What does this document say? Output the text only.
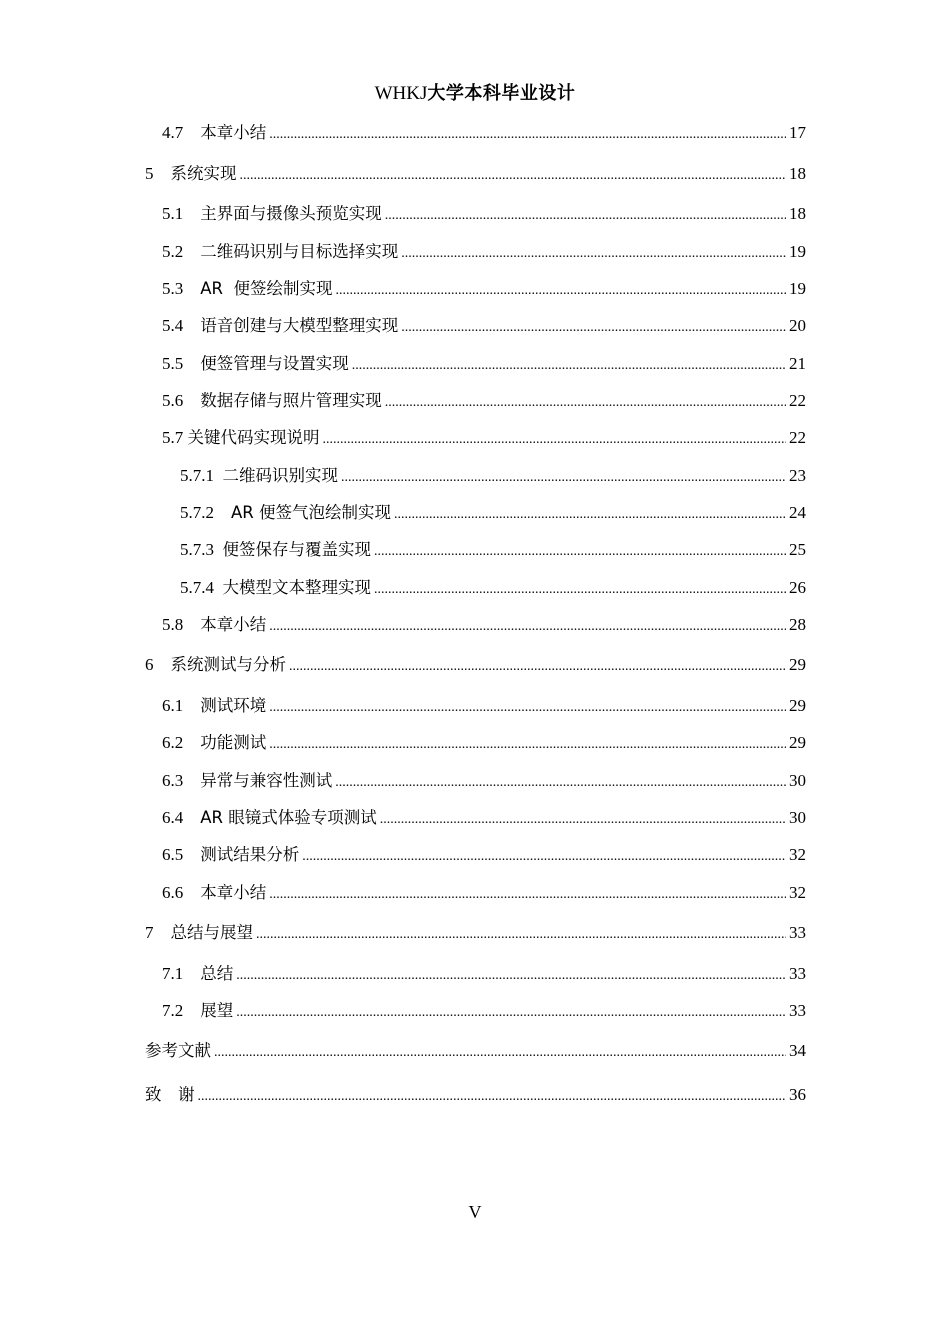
WHKJ大学本科毕业设计
4.7　 本章小结 .....	17
5　 系统实现 .....	18
5.1　 主界面与摄像头预览实现 .....	18
5.2　 二维码识别与目标选择实现 .....	19
5.3　 AR  便签绘制实现 .....	19
5.4　 语音创建与大模型整理实现 .....	20
5.5　 便签管理与设置实现 .....	21
5.6　 数据存储与照片管理实现 .....	22
5.7 关键代码实现说明 .....	22
5.7.1 二维码识别实现 .....	23
5.7.2 AR 便签气泡绘制实现 .....	24
5.7.3 便签保存与覆盖实现 .....	25
5.7.4 大模型文本整理实现 .....	26
5.8　 本章小结 .....	28
6　 系统测试与分析 .....	29
6.1　 测试环境 .....	29
6.2　 功能测试 .....	29
6.3　 异常与兼容性测试 .....	30
6.4　 AR 眼镜式体验专项测试 .....	30
6.5　 测试结果分析 .....	32
6.6　 本章小结 .....	32
7　 总结与展望 .....	33
7.1　 总结 .....	33
7.2　 展望 .....	33
参考文献 .....	34
致　谢 .....	36
V
